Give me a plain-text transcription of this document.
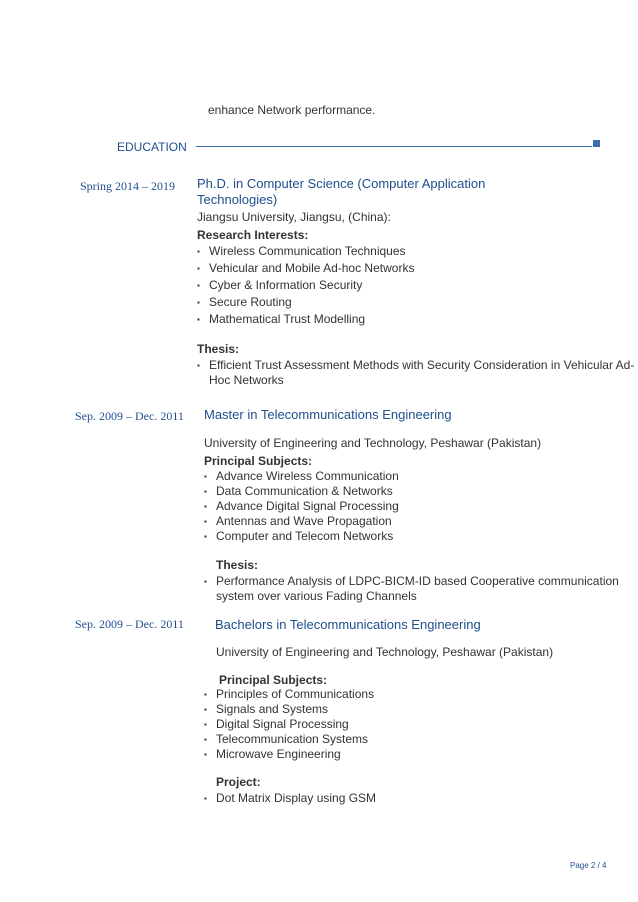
enhance Network performance.
EDUCATION
Spring 2014 – 2019 Ph.D. in Computer Science (Computer Application
Technologies)
Jiangsu University, Jiangsu, (China):
Research Interests:
▪ Wireless Communication Techniques
▪ Vehicular and Mobile Ad-hoc Networks
▪ Cyber & Information Security
▪ Secure Routing
▪ Mathematical Trust Modelling
Thesis:
▪ Efficient Trust Assessment Methods with Security Consideration in Vehicular Ad-
Hoc Networks
Sep. 2009 – Dec. 2011 Master in Telecommunications Engineering
University of Engineering and Technology, Peshawar (Pakistan)
Principal Subjects:
▪ Advance Wireless Communication
▪ Data Communication & Networks
▪ Advance Digital Signal Processing
▪ Antennas and Wave Propagation
▪ Computer and Telecom Networks
Thesis:
▪ Performance Analysis of LDPC-BICM-ID based Cooperative communication
system over various Fading Channels
Sep. 2009 – Dec. 2011 Bachelors in Telecommunications Engineering
University of Engineering and Technology, Peshawar (Pakistan)
Principal Subjects:
▪ Principles of Communications
▪ Signals and Systems
▪ Digital Signal Processing
▪ Telecommunication Systems
▪ Microwave Engineering
Project:
▪ Dot Matrix Display using GSM
Page 2 / 4
